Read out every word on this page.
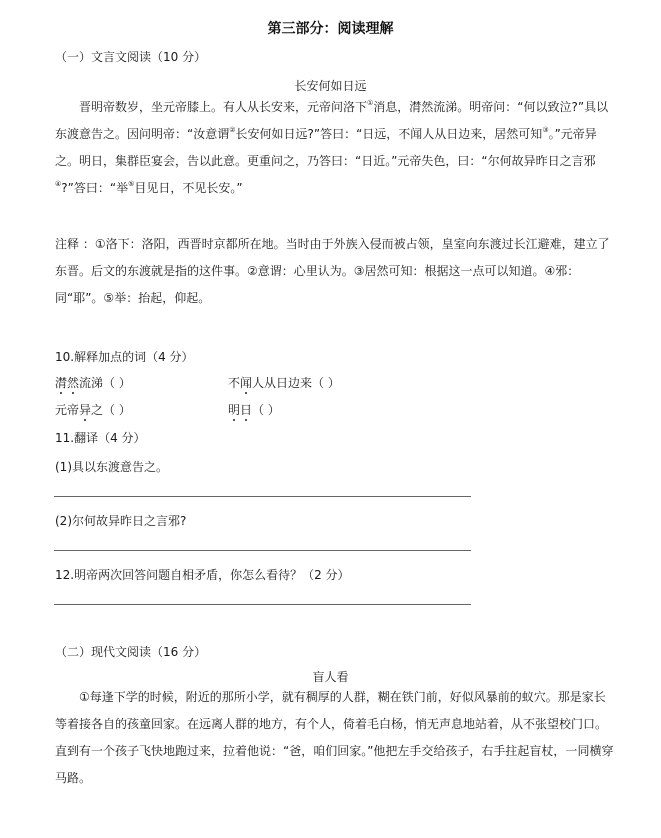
第三部分：阅读理解
（一）文言文阅读（10 分）
长安何如日远
晋明帝数岁，坐元帝膝上。有人从长安来，元帝问洛下①消息，潸然流涕。明帝问：“何以致泣?”具以东渡意告之。因问明帝：“汝意谓②长安何如日远?”答曰：“日远，不闻人从日边来，居然可知③。”元帝异之。明日，集群臣宴会，告以此意。更重问之，乃答曰：“日近。”元帝失色，曰：“尔何故异昨日之言邪④?”答曰：“举⑤目见日，不见长安。”
注释 ：①洛下：洛阳，西晋时京都所在地。当时由于外族入侵而被占领，皇室向东渡过长江避难，建立了东晋。后文的东渡就是指的这件事。②意谓：心里认为。③居然可知：根据这一点可以知道。④邪：同“耶”。⑤举：抬起，仰起。
10.解释加点的词（4 分）
潸然流涕（ ）	不闻人从日边来（ ）
元帝异之（ ）	明日（ ）
11.翻译（4 分）
(1)具以东渡意告之。
(2)尔何故异昨日之言邪?
12.明帝两次回答问题自相矛盾，你怎么看待？（2 分）
（二）现代文阅读（16 分）
盲人看
①每逢下学的时候，附近的那所小学，就有稠厚的人群，糊在铁门前，好似风暴前的蚁穴。那是家长等着接各自的孩童回家。在远离人群的地方，有个人，倚着毛白杨，悄无声息地站着，从不张望校门口。直到有一个孩子飞快地跑过来，拉着他说：“爸，咱们回家。”他把左手交给孩子，右手拄起盲杖，一同横穿马路。
